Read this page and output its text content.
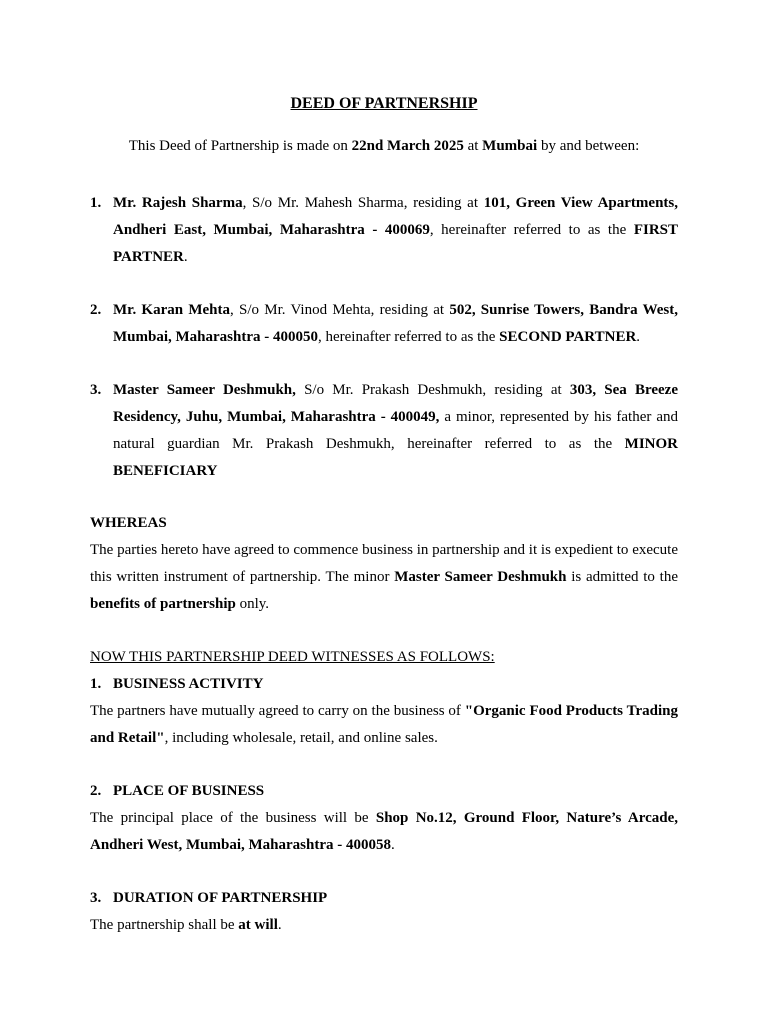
DEED OF PARTNERSHIP
This Deed of Partnership is made on 22nd March 2025 at Mumbai by and between:
1. Mr. Rajesh Sharma, S/o Mr. Mahesh Sharma, residing at 101, Green View Apartments, Andheri East, Mumbai, Maharashtra - 400069, hereinafter referred to as the FIRST PARTNER.
2. Mr. Karan Mehta, S/o Mr. Vinod Mehta, residing at 502, Sunrise Towers, Bandra West, Mumbai, Maharashtra - 400050, hereinafter referred to as the SECOND PARTNER.
3. Master Sameer Deshmukh, S/o Mr. Prakash Deshmukh, residing at 303, Sea Breeze Residency, Juhu, Mumbai, Maharashtra - 400049, a minor, represented by his father and natural guardian Mr. Prakash Deshmukh, hereinafter referred to as the MINOR BENEFICIARY
WHEREAS
The parties hereto have agreed to commence business in partnership and it is expedient to execute this written instrument of partnership. The minor Master Sameer Deshmukh is admitted to the benefits of partnership only.
NOW THIS PARTNERSHIP DEED WITNESSES AS FOLLOWS:
1. BUSINESS ACTIVITY
The partners have mutually agreed to carry on the business of "Organic Food Products Trading and Retail", including wholesale, retail, and online sales.
2. PLACE OF BUSINESS
The principal place of the business will be Shop No.12, Ground Floor, Nature’s Arcade, Andheri West, Mumbai, Maharashtra - 400058.
3. DURATION OF PARTNERSHIP
The partnership shall be at will.
